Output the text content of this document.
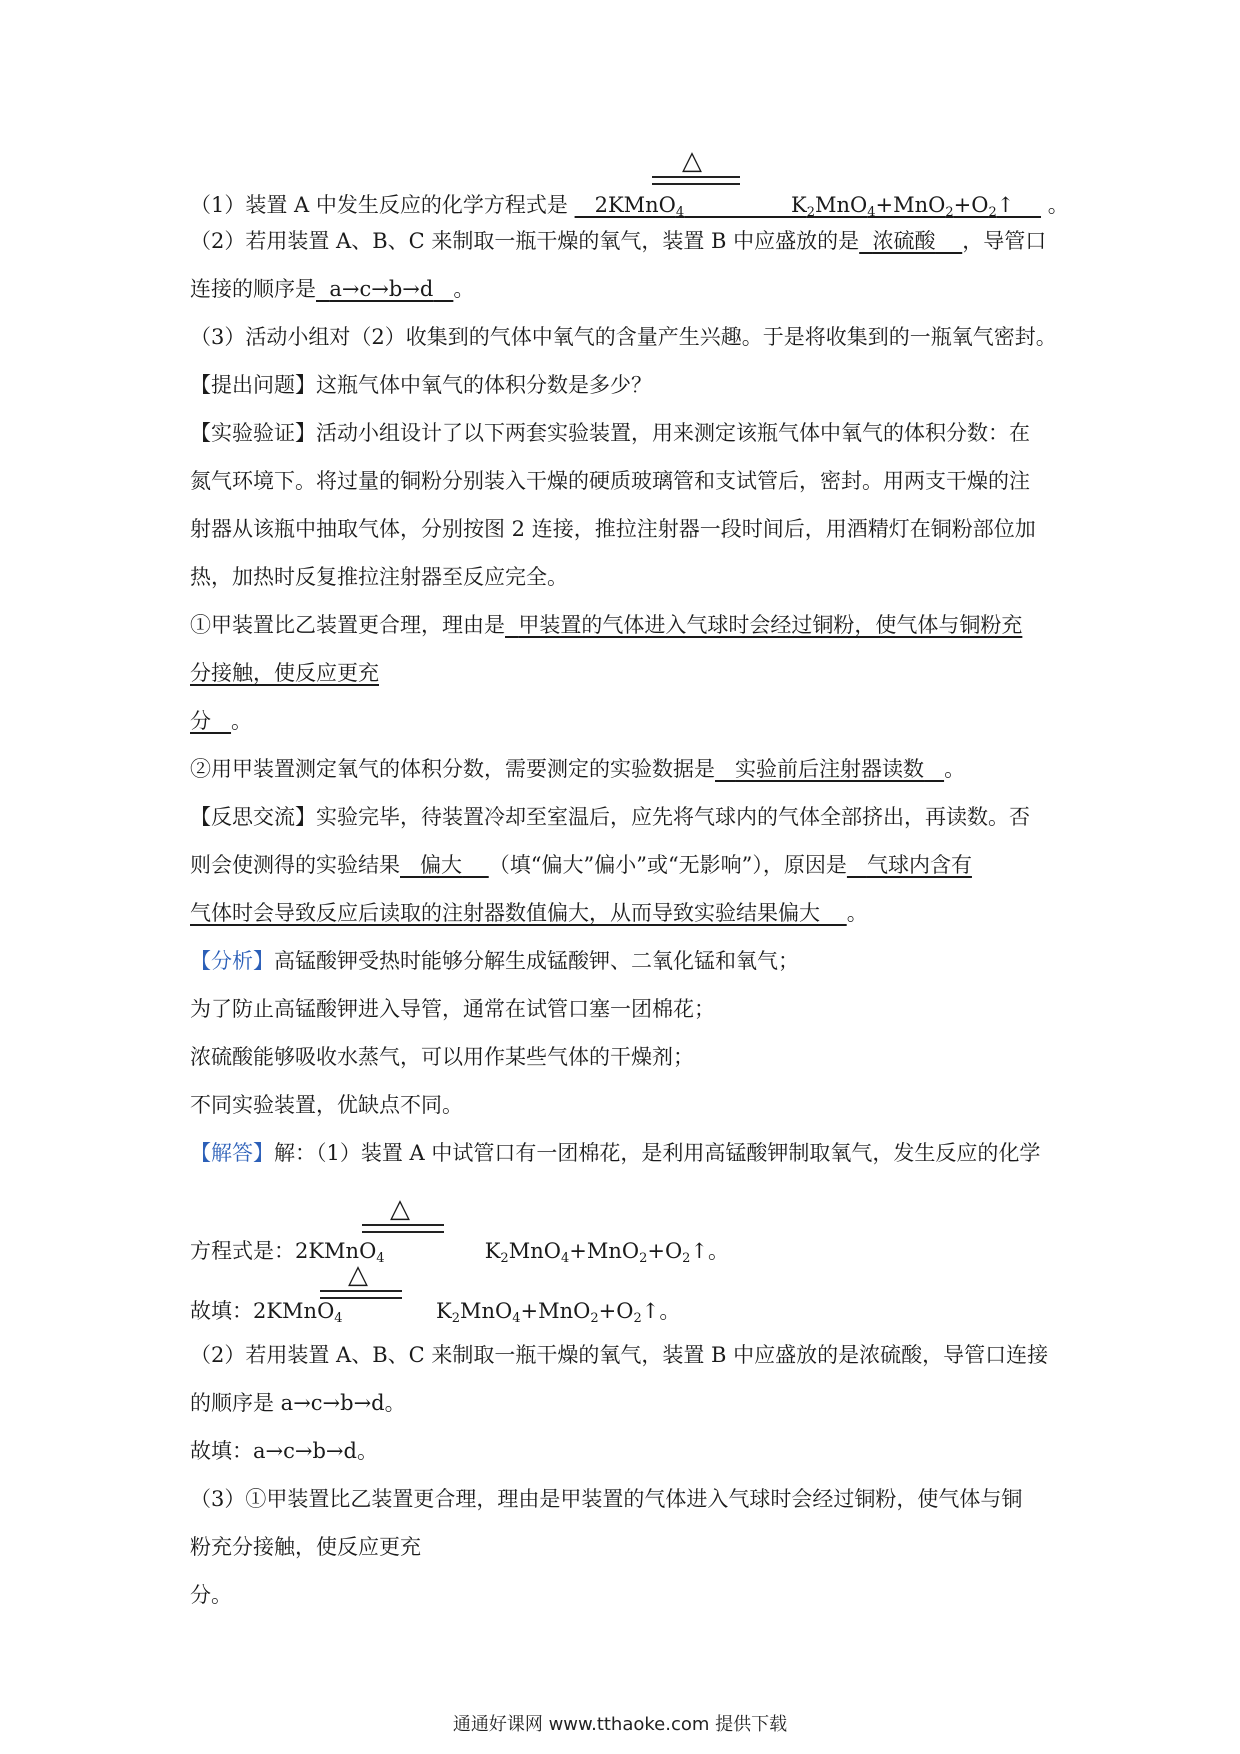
△
（1）装置 A 中发生反应的化学方程式是    2KMnO$_4$                $K_2MnO_4+MnO_2+O_2↑$     。
（2）若用装置 A、B、C 来制取一瓶干燥的氧气，装置 B 中应盛放的是 浓硫酸 ，导管口
连接的顺序是 a→c→b→d 。
（3）活动小组对（2）收集到的气体中氧气的含量产生兴趣。于是将收集到的一瓶氧气密封。
【提出问题】这瓶气体中氧气的体积分数是多少？
【实验验证】活动小组设计了以下两套实验装置，用来测定该瓶气体中氧气的体积分数：在
氮气环境下。将过量的铜粉分别装入干燥的硬质玻璃管和支试管后，密封。用两支干燥的注
射器从该瓶中抽取气体，分别按图 2 连接，推拉注射器一段时间后，用酒精灯在铜粉部位加
热，加热时反复推拉注射器至反应完全。
①甲装置比乙装置更合理，理由是 甲装置的气体进入气球时会经过铜粉，使气体与铜粉充
分接触，使反应更充
分 。
②用甲装置测定氧气的体积分数，需要测定的实验数据是 实验前后注射器读数 。
【反思交流】实验完毕，待装置冷却至室温后，应先将气球内的气体全部挤出，再读数。否
则会使测得的实验结果 偏大 （填“偏大”偏小”或“无影响”），原因是 气球内含有
气体时会导致反应后读取的注射器数值偏大，从而导致实验结果偏大 。
【分析】高锰酸钾受热时能够分解生成锰酸钾、二氧化锰和氧气；
为了防止高锰酸钾进入导管，通常在试管口塞一团棉花；
浓硫酸能够吸收水蒸气，可以用作某些气体的干燥剂；
不同实验装置，优缺点不同。
【解答】解：（1）装置 A 中试管口有一团棉花，是利用高锰酸钾制取氧气，发生反应的化学
△
方程式是：2KMnO$_4$               $K_2MnO_4+MnO_2+O_2↑$。
△
故填：2KMnO$_4$              $K_2MnO_4+MnO_2+O_2↑$。
（2）若用装置 A、B、C 来制取一瓶干燥的氧气，装置 B 中应盛放的是浓硫酸，导管口连接
的顺序是 a→c→b→d。
故填：a→c→b→d。
（3）①甲装置比乙装置更合理，理由是甲装置的气体进入气球时会经过铜粉，使气体与铜
粉充分接触，使反应更充
分。
通通好课网 www.tthaoke.com 提供下载
